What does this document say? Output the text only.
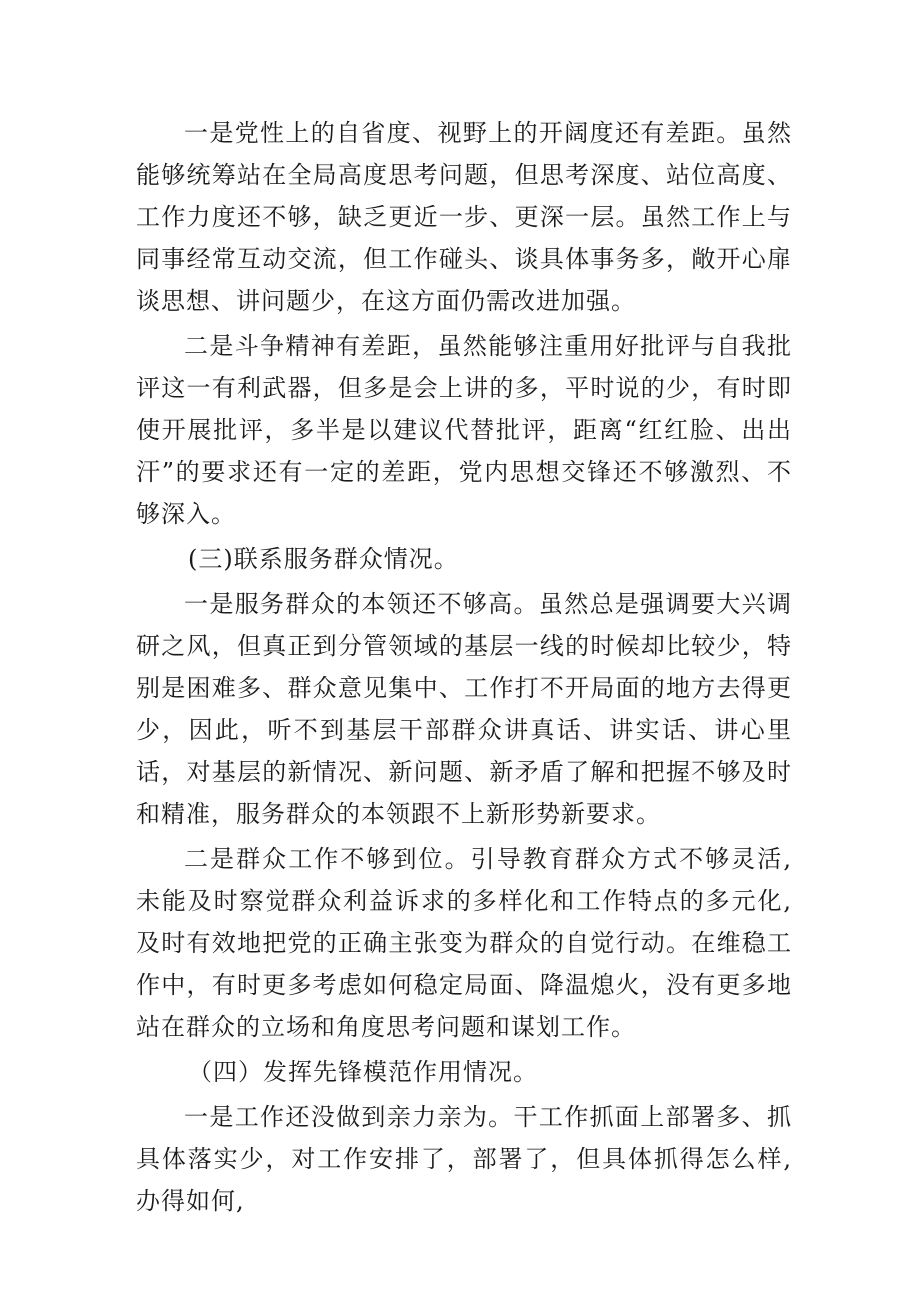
一是党性上的自省度、视野上的开阔度还有差距。虽然能够统筹站在全局高度思考问题，但思考深度、站位高度、工作力度还不够，缺乏更近一步、更深一层。虽然工作上与同事经常互动交流，但工作碰头、谈具体事务多，敞开心扉谈思想、讲问题少，在这方面仍需改进加强。

二是斗争精神有差距，虽然能够注重用好批评与自我批评这一有利武器，但多是会上讲的多，平时说的少，有时即使开展批评，多半是以建议代替批评，距离“红红脸、出出汗”的要求还有一定的差距，党内思想交锋还不够激烈、不够深入。

(三)联系服务群众情况。

一是服务群众的本领还不够高。虽然总是强调要大兴调研之风，但真正到分管领域的基层一线的时候却比较少，特别是困难多、群众意见集中、工作打不开局面的地方去得更少，因此，听不到基层干部群众讲真话、讲实话、讲心里话，对基层的新情况、新问题、新矛盾了解和把握不够及时和精准，服务群众的本领跟不上新形势新要求。

二是群众工作不够到位。引导教育群众方式不够灵活,未能及时察觉群众利益诉求的多样化和工作特点的多元化,及时有效地把党的正确主张变为群众的自觉行动。在维稳工作中，有时更多考虑如何稳定局面、降温熄火，没有更多地站在群众的立场和角度思考问题和谋划工作。

（四）发挥先锋模范作用情况。

一是工作还没做到亲力亲为。干工作抓面上部署多、抓具体落实少，对工作安排了，部署了，但具体抓得怎么样,办得如何,
